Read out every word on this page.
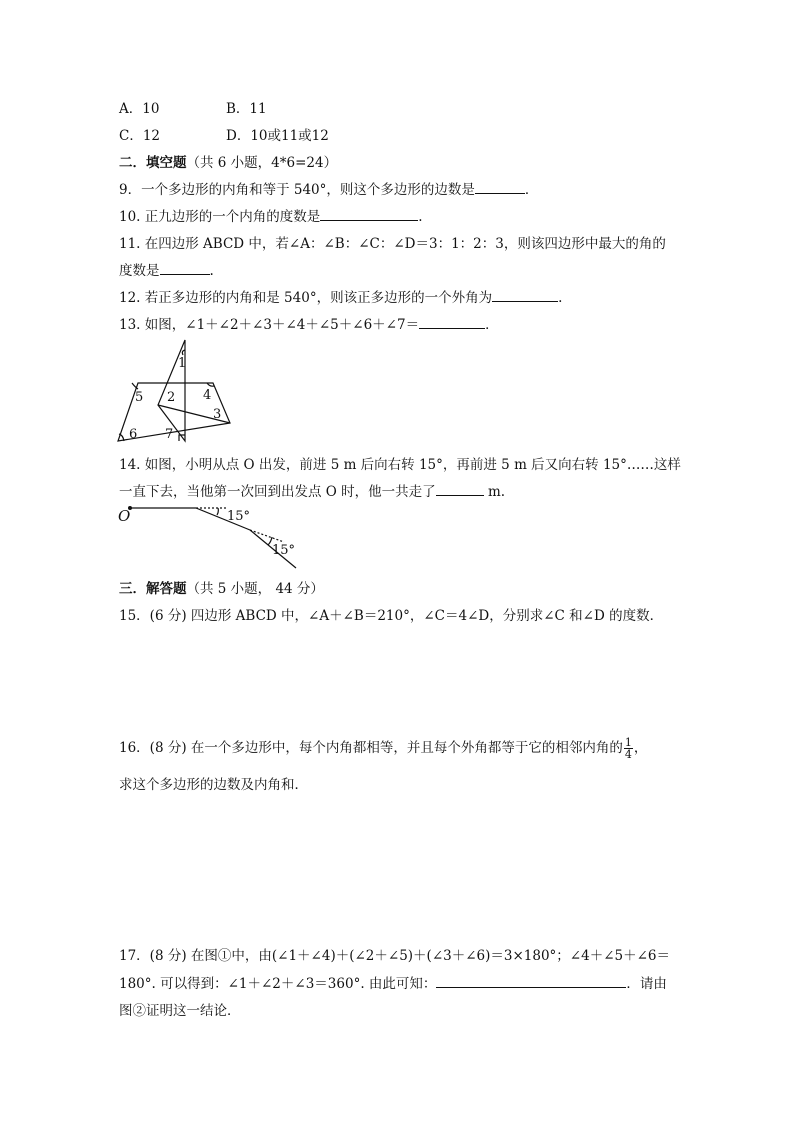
A．10	B．11
C．12	D．10或11或12
二．填空题（共 6 小题，4*6=24）
9．一个多边形的内角和等于 540°，则这个多边形的边数是	．
10. 正九边形的一个内角的度数是	.
11. 在四边形 ABCD 中，若∠A：∠B：∠C：∠D＝3：1：2：3，则该四边形中最大的角的
度数是	.
12. 若正多边形的内角和是 540°，则该正多边形的一个外角为	.
13. 如图，∠1＋∠2＋∠3＋∠4＋∠5＋∠6＋∠7＝	．
1
2
3
4
5
6 7
14. 如图，小明从点 O 出发，前进 5 m 后向右转 15°，再前进 5 m 后又向右转 15°……这样
一直下去，当他第一次回到出发点 O 时，他一共走了	m.
O	15°
15°
三．解答题（共 5 小题， 44 分）
15．(6 分) 四边形 ABCD 中，∠A＋∠B＝210°，∠C＝4∠D，分别求∠C 和∠D 的度数．
16．(8 分) 在一个多边形中，每个内角都相等，并且每个外角都等于它的相邻内角的 $\frac{1}{4}$ ，
求这个多边形的边数及内角和．
17．(8 分) 在图①中，由(∠1＋∠4)＋(∠2＋∠5)＋(∠3＋∠6)＝3×180°；∠4＋∠5＋∠6＝
180°. 可以得到：∠1＋∠2＋∠3＝360°. 由此可知：	．请由
图②证明这一结论．
